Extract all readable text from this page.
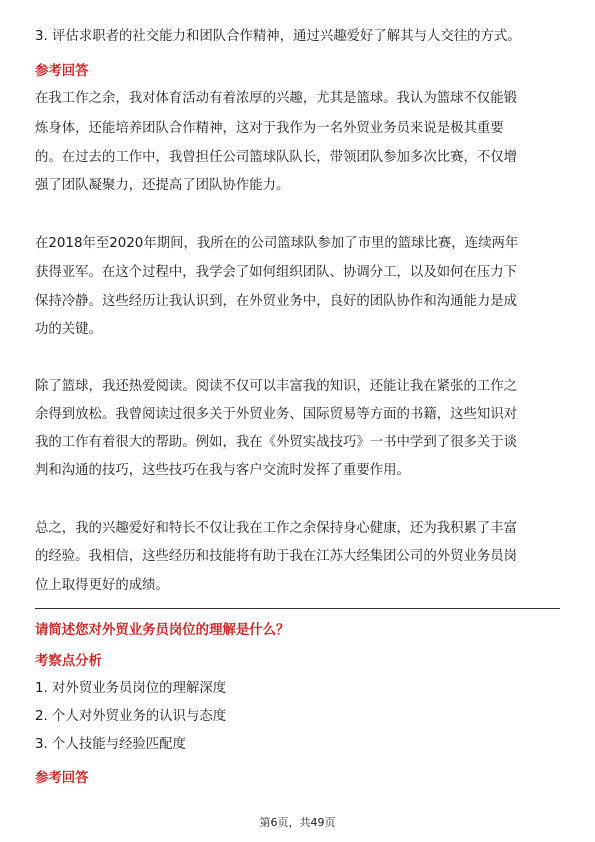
3. 评估求职者的社交能力和团队合作精神，通过兴趣爱好了解其与人交往的方式。
参考回答
在我工作之余，我对体育活动有着浓厚的兴趣，尤其是篮球。我认为篮球不仅能锻
炼身体，还能培养团队合作精神，这对于我作为一名外贸业务员来说是极其重要
的。在过去的工作中，我曾担任公司篮球队队长，带领团队参加多次比赛，不仅增
强了团队凝聚力，还提高了团队协作能力。
在2018年至2020年期间，我所在的公司篮球队参加了市里的篮球比赛，连续两年
获得亚军。在这个过程中，我学会了如何组织团队、协调分工，以及如何在压力下
保持冷静。这些经历让我认识到，在外贸业务中，良好的团队协作和沟通能力是成
功的关键。
除了篮球，我还热爱阅读。阅读不仅可以丰富我的知识，还能让我在紧张的工作之
余得到放松。我曾阅读过很多关于外贸业务、国际贸易等方面的书籍，这些知识对
我的工作有着很大的帮助。例如，我在《外贸实战技巧》一书中学到了很多关于谈
判和沟通的技巧，这些技巧在我与客户交流时发挥了重要作用。
总之，我的兴趣爱好和特长不仅让我在工作之余保持身心健康，还为我积累了丰富
的经验。我相信，这些经历和技能将有助于我在江苏大经集团公司的外贸业务员岗
位上取得更好的成绩。
请简述您对外贸业务员岗位的理解是什么？
考察点分析
1. 对外贸业务员岗位的理解深度
2. 个人对外贸业务的认识与态度
3. 个人技能与经验匹配度
参考回答
第6页，共49页
